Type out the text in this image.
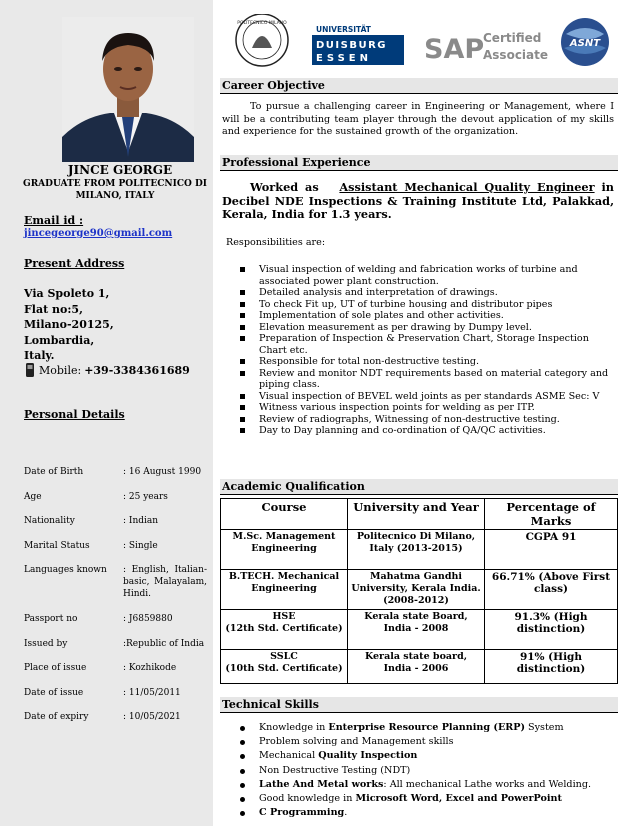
JINCE GEORGE
GRADUATE FROM POLITECNICO DI MILANO, ITALY
Email id :
jincegeorge90@gmail.com
Present Address
Via Spoleto 1,
Flat no:5,
Milano-20125,
Lombardia,
Italy.
Mobile: +39-3384361689
Personal Details
Date of Birth	: 16 August 1990
Age	: 25 years
Nationality	: Indian
Marital Status	: Single
Languages known : English, Italian-basic, Malayalam, Hindi.
Passport no	: J6859880
Issued by	:Republic of India
Place of issue	: Kozhikode
Date of issue	: 11/05/2011
Date of expiry	: 10/05/2021
POLITECNICO MILANO
UNIVERSITÄT
DUISBURG
ESSEN SAP
Certified
Associate
ASNT
Career Objective
To pursue a challenging career in Engineering or Management, where I will be a contributing team player through the devout application of my skills and experience for the sustained growth of the organization.
Professional Experience
Worked as Assistant Mechanical Quality Engineer in Decibel NDE Inspections & Training Institute Ltd, Palakkad, Kerala, India for 1.3 years.
Responsibilities are:
Visual inspection of welding and fabrication works of turbine and associated power plant construction.
Detailed analysis and interpretation of drawings.
To check Fit up, UT of turbine housing and distributor pipes
Implementation of sole plates and other activities.
Elevation measurement as per drawing by Dumpy level.
Preparation of Inspection & Preservation Chart, Storage Inspection Chart etc.
Responsible for total non-destructive testing.
Review and monitor NDT requirements based on material category and piping class.
Visual inspection of BEVEL weld joints as per standards ASME Sec: V
Witness various inspection points for welding as per ITP.
Review of radiographs, Witnessing of non-destructive testing.
Day to Day planning and co-ordination of QA/QC activities.
Academic Qualification
Course	University and Year	Percentage of Marks
M.Sc. Management Engineering	Politecnico Di Milano, Italy (2013-2015)	CGPA 91
B.TECH. Mechanical Engineering	Mahatma Gandhi University, Kerala India. (2008-2012)	66.71% (Above First class)

HSE
(12th Std. Certificate)	Kerala state Board, India - 2008	91.3% (High distinction)

SSLC
(10th Std. Certificate)	Kerala state board, India - 2006	91% (High distinction)
Technical Skills
Knowledge in Enterprise Resource Planning (ERP) System
Problem solving and Management skills
Mechanical Quality Inspection
Non Destructive Testing (NDT)
Lathe And Metal works: All mechanical Lathe works and Welding.
Good knowledge in Microsoft Word, Excel and PowerPoint
C Programming.
